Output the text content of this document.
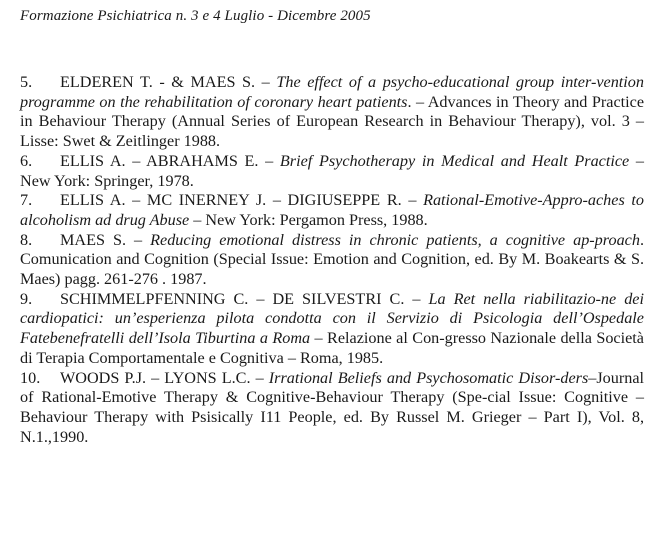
Formazione Psichiatrica n. 3 e 4 Luglio - Dicembre 2005

5. ELDEREN T. - & MAES S. – The effect of a psycho-educational group inter-vention programme on the rehabilitation of coronary heart patients. – Advances in Theory and Practice in Behaviour Therapy (Annual Series of European Research in Behaviour Therapy), vol. 3 – Lisse: Swet & Zeitlinger 1988.

6. ELLIS A. – ABRAHAMS E. – Brief Psychotherapy in Medical and Healt Practice – New York: Springer, 1978.

7. ELLIS A. – MC INERNEY J. – DIGIUSEPPE R. – Rational-Emotive-Appro-aches to alcoholism ad drug Abuse – New York: Pergamon Press, 1988.

8. MAES S. – Reducing emotional distress in chronic patients, a cognitive ap-proach. Comunication and Cognition (Special Issue: Emotion and Cognition, ed. By M. Boakearts & S. Maes) pagg. 261-276 . 1987.

9. SCHIMMELPFENNING C. – DE SILVESTRI C. – La Ret nella riabilitazio-ne dei cardiopatici: un’esperienza pilota condotta con il Servizio di Psicologia dell’Ospedale Fatebenefratelli dell’Isola Tiburtina a Roma – Relazione al Con-gresso Nazionale della Società di Terapia Comportamentale e Cognitiva – Roma, 1985.

10. WOODS P.J. – LYONS L.C. – Irrational Beliefs and Psychosomatic Disor-ders–Journal of Rational-Emotive Therapy & Cognitive-Behaviour Therapy (Spe-cial Issue: Cognitive – Behaviour Therapy with Psisically I11 People, ed. By Russel M. Grieger – Part I), Vol. 8, N.1.,1990.
